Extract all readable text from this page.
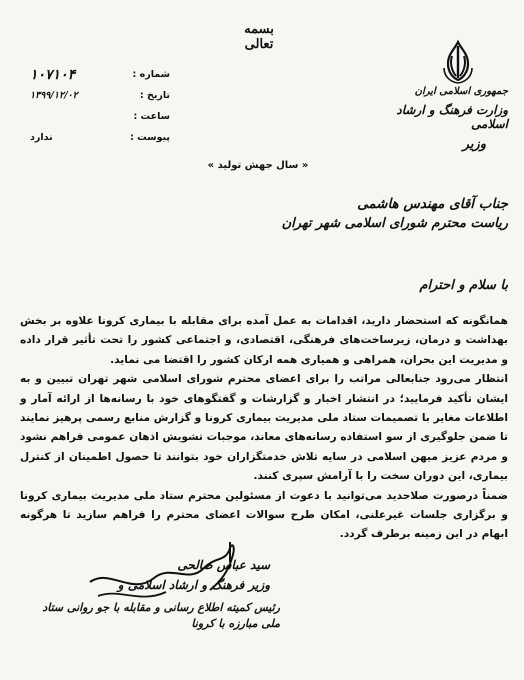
بسمه تعالی
جمهوری اسلامی ایران
وزارت فرهنگ و ارشاد اسلامی
وزیر
شماره :
۱۰۷۱۰۴
تاریخ :
۱۳۹۹/۱۲/۰۲
ساعت :
پیوست :
ندارد
« سال جهش تولید »
جناب آقای مهندس هاشمی
ریاست محترم شورای اسلامی شهر تهران
با سلام و احترام

همانگونه که استحضار دارید، اقدامات به عمل آمده برای مقابله با بیماری کرونا علاوه بر بخش بهداشت و درمان، زیرساخت‌های فرهنگی، اقتصادی، و اجتماعی کشور را تحت تأثیر قرار داده و مدیریت این بحران، همراهی و همیاری همه ارکان کشور را اقتضا می نماید.

انتظار می‌رود جنابعالی مراتب را برای اعضای محترم شورای اسلامی شهر تهران تبیین و به ایشان تأکید فرمایید؛ در انتشار اخبار و گزارشات و گفتگوهای خود با رسانه‌ها از ارائه آمار و اطلاعات مغایر با تصمیمات ستاد ملی مدیریت بیماری کرونا و گزارش منابع رسمی پرهیز نمایند تا ضمن جلوگیری از سو استفاده رسانه‌های معاند، موجبات تشویش اذهان عمومی فراهم نشود و مردم عزیز میهن اسلامی در سایه تلاش خدمتگزاران خود بتوانند تا حصول اطمینان از کنترل بیماری، این دوران سخت را با آرامش سپری کنند.

ضمناً درصورت صلاحدید می‌توانید با دعوت از مسئولین محترم ستاد ملی مدیریت بیماری کرونا و برگزاری جلسات غیرعلنی، امکان طرح سوالات اعضای محترم را فراهم سازید تا هرگونه ابهام در این زمینه برطرف گردد.

سید عباس صالحی
وزیر فرهنگ و ارشاد اسلامی و
رئیس کمیته اطلاع رسانی و مقابله با جو روانی ستاد ملی مبارزه با کرونا
